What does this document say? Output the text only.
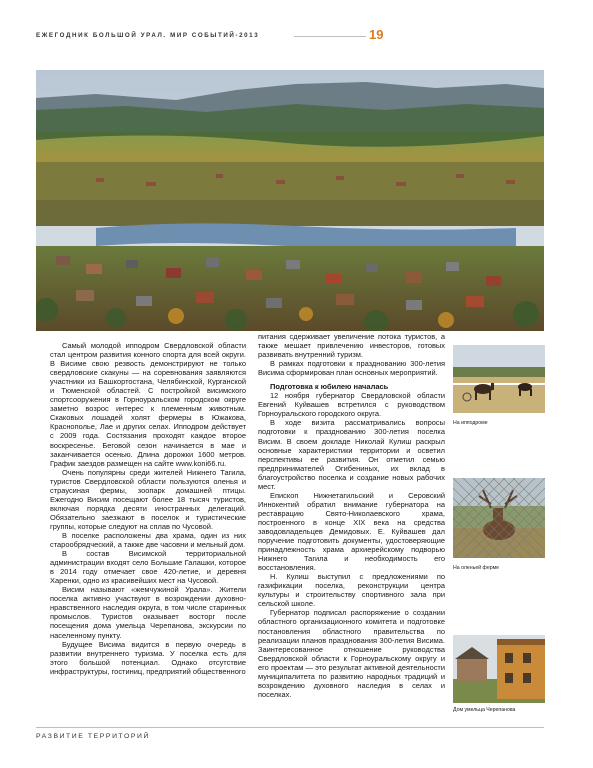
ЕЖЕГОДНИК БОЛЬШОЙ УРАЛ. МИР СОБЫТИЙ-2013	19

Самый молодой ипподром Свердловской области стал центром развития конного спорта для всей округи. В Висиме свою резвость демонстрируют не только свердловские скакуны — на соревнования заявляются участники из Башкортостана, Челябинской, Курганской и Тюменской областей. С постройкой висимского спортсооружения в Горноуральском городском округе заметно возрос интерес к племенным животным. Скаковых лошадей холят фермеры в Южакова, Краснополье, Лае и других селах. Ипподром действует с 2009 года. Состязания проходят каждое второе воскресенье. Беговой сезон начинается в мае и заканчивается осенью. Длина дорожки 1600 метров. График заездов размещен на сайте www.koni66.ru.

Очень популярны среди жителей Нижнего Тагила, туристов Свердловской области пользуются оленья и страусиная фермы, зоопарк домашней птицы. Ежегодно Висим посещают более 18 тысяч туристов, включая порядка десяти иностранных делегаций. Обязательно заезжают в поселок и туристические группы, которые следуют на сплав по Чусовой.

В поселке расположены два храма, один из них старообрядческий, а также две часовни и мельный дом.

В состав Висимской территориальной администрации входят село Большие Галашки, которое в 2014 году отмечает свое 420-летие, и деревня Харенки, одно из красивейших мест на Чусовой.

Висим называют «жемчужиной Урала». Жители поселка активно участвуют в возрождении духовно-нравственного наследия округа, в том числе старинных промыслов. Туристов оказывает восторг после посещения дома умельца Черепанова, экскурсии по населенному пункту.

Будущее Висима видится в первую очередь в развитии внутреннего туризма. У поселка есть для этого большой потенциал. Однако отсутствие инфраструктуры, гостиниц, предприятий общественного

питания сдерживает увеличение потока туристов, а также мешает привлечению инвесторов, готовых развивать внутренний туризм.

В рамках подготовки к празднованию 300-летия Висима сформирован план основных мероприятий.

Подготовка к юбилею началась

12 ноября губернатор Свердловской области Евгений Куйвашев встретился с руководством Горноуральского городского округа.

В ходе визита рассматривались вопросы подготовки к празднованию 300-летия поселка Висим. В своем докладе Николай Кулиш раскрыл основные характеристики территории и осветил перспективы ее развития. Он отметил семью предпринимателей Огибениных, их вклад в благоустройство поселка и создание новых рабочих мест.

Епископ Нижнетагильский и Серовский Иннокентий обратил внимание губернатора на реставрацию Свято-Николаевского храма, построенного в конце XIX века на средства заводовладельцев Демидовых. Е. Куйвашев дал поручение подготовить документы, удостоверяющие принадлежность храма архиерейскому подворью Нижнего Тагила и необходимость его восстановления.

Н. Кулиш выступил с предложениями по газификации поселка, реконструкции центра культуры и строительству спортивного зала при сельской школе.

Губернатор подписал распоряжение о создании областного организационного комитета и подготовке постановления областного правительства по реализации планов празднования 300-летия Висима. Заинтересованное отношение руководства Свердловской области к Горноуральскому округу и его проектам — это результат активной деятельности муниципалитета по развитию народных традиций и возрождению духовного наследия в селах и поселках.

На ипподроме
На оленьей ферме
Дом умельца Черепанова
РАЗВИТИЕ ТЕРРИТОРИЙ
